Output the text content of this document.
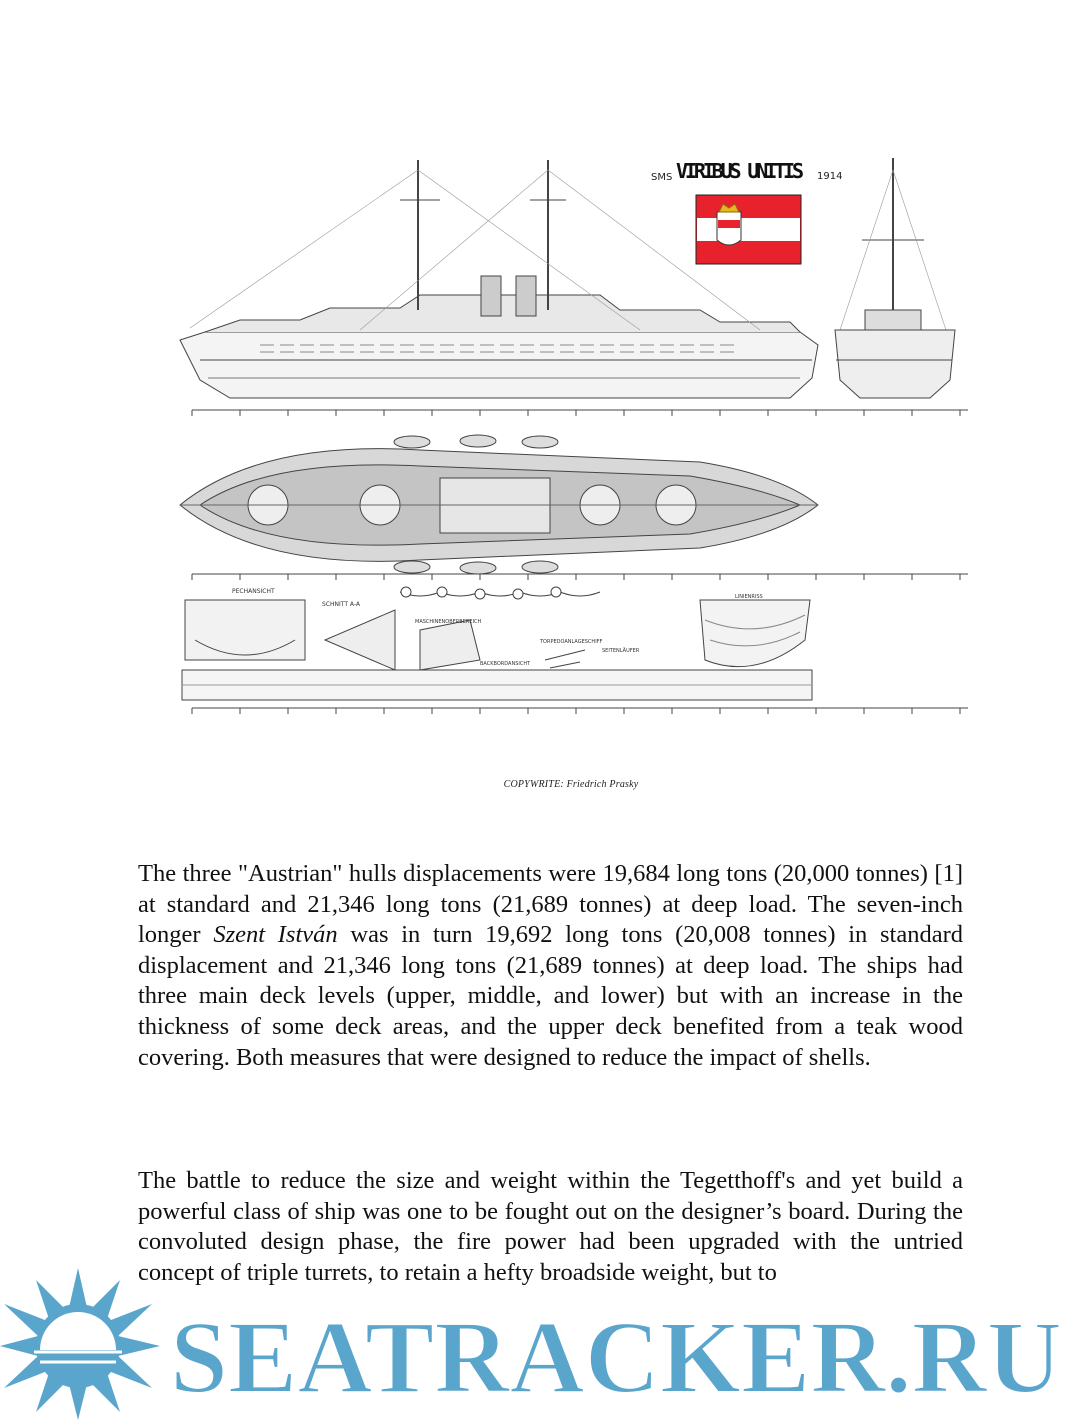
SMS VIRIBUS UNITIS 1914
PECHANSICHT
SCHNITT A-A
MASCHINENOBERBEREICH
TORPEDOANLAGESCHIFF
SEITENLÄUFER
BACKBORDANSICHT
LINIENRISS
COPYWRITE: Friedrich Prasky

The three "Austrian" hulls displacements were 19,684 long tons (20,000 tonnes) [1] at standard and 21,346 long tons (21,689 tonnes) at deep load. The seven-inch longer Szent István was in turn 19,692 long tons (20,008 tonnes) in standard displacement and 21,346 long tons (21,689 tonnes) at deep load. The ships had three main deck levels (upper, middle, and lower) but with an increase in the thickness of some deck areas, and the upper deck benefited from a teak wood covering. Both measures that were designed to reduce the impact of shells.

The battle to reduce the size and weight within the Tegetthoff's and yet build a powerful class of ship was one to be fought out on the designer’s board. During the convoluted design phase, the fire power had been upgraded with the untried concept of triple turrets, to retain a hefty broadside weight, but to

SEATRACKER.RU
